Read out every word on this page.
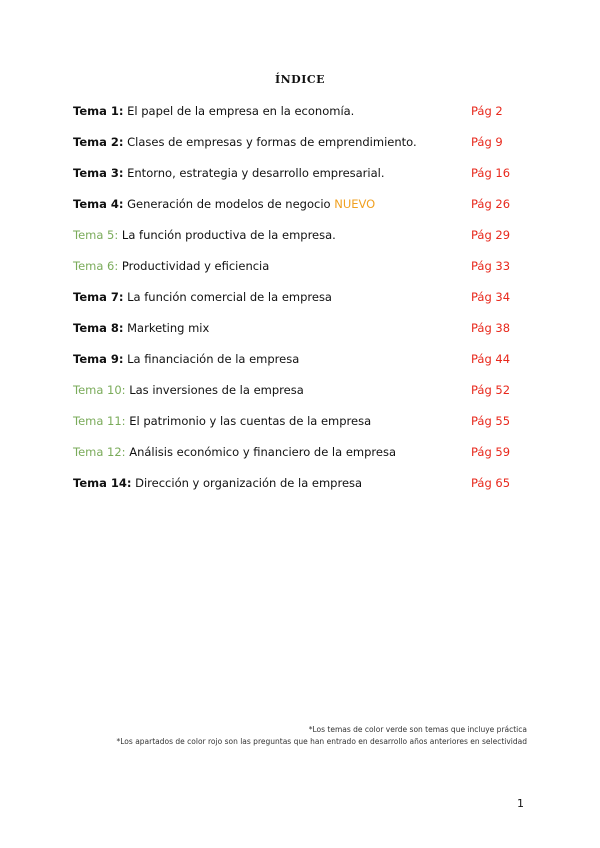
ÍNDICE
Tema 1: El papel de la empresa en la economía.	Pág 2
Tema 2: Clases de empresas y formas de emprendimiento.	Pág 9
Tema 3: Entorno, estrategia y desarrollo empresarial.	Pág 16
Tema 4: Generación de modelos de negocio NUEVO	Pág 26
Tema 5: La función productiva de la empresa.	Pág 29
Tema 6: Productividad y eficiencia	Pág 33
Tema 7: La función comercial de la empresa	Pág 34
Tema 8: Marketing mix	Pág 38
Tema 9: La financiación de la empresa	Pág 44
Tema 10: Las inversiones de la empresa	Pág 52
Tema 11: El patrimonio y las cuentas de la empresa	Pág 55
Tema 12: Análisis económico y financiero de la empresa	Pág 59
Tema 14: Dirección y organización de la empresa	Pág 65
*Los temas de color verde son temas que incluye práctica
*Los apartados de color rojo son las preguntas que han entrado en desarrollo años anteriores en selectividad
1
